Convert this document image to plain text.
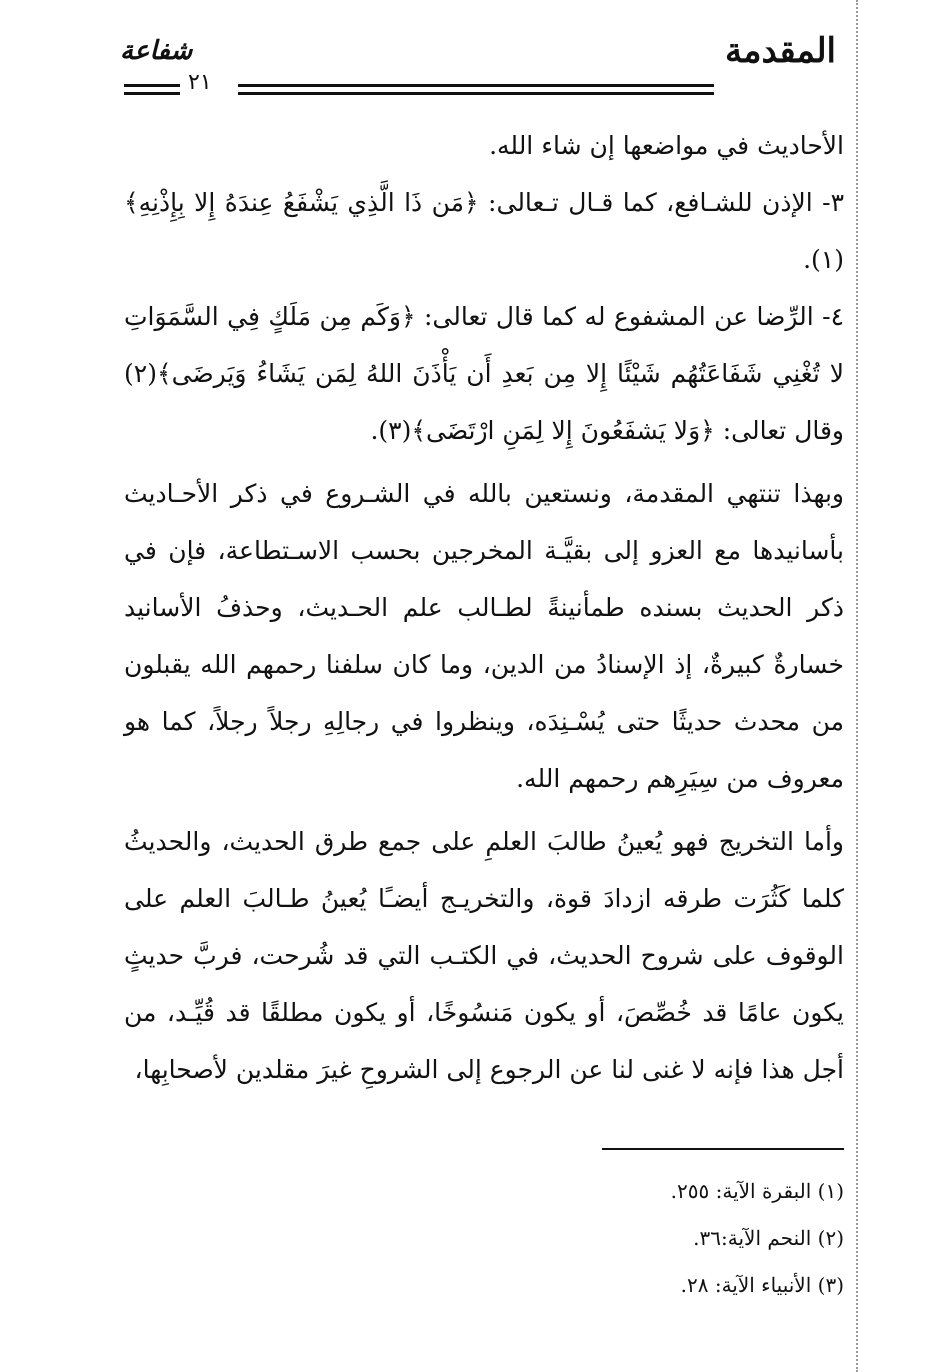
المقدمة
شفاعة
٢١

الأحاديث في مواضعها إن شاء الله.

٣- الإذن للشـافع، كما قـال تـعالى: ﴿مَن ذَا الَّذِي يَشْفَعُ عِندَهُ إِلا بِإِذْنِهِ﴾(١).

٤- الرِّضا عن المشفوع له كما قال تعالى: ﴿وَكَم مِن مَلَكٍ فِي السَّمَوَاتِ لا تُغْنِي شَفَاعَتُهُم شَيْئًا إِلا مِن بَعدِ أَن يَأْذَنَ اللهُ لِمَن يَشَاءُ وَيَرضَى﴾(٢) وقال تعالى: ﴿وَلا يَشفَعُونَ إِلا لِمَنِ ارْتَضَى﴾(٣).

وبهذا تنتهي المقدمة، ونستعين بالله في الشـروع في ذكر الأحـاديث بأسانيدها مع العزو إلى بقيَّـة المخرجين بحسب الاسـتطاعة، فإن في ذكر الحديث بسنده طمأنينةً لطـالب علم الحـديث، وحذفُ الأسانيد خسارةٌ كبيرةٌ، إذ الإسنادُ من الدين، وما كان سلفنا رحمهم الله يقبلون من محدث حديثًا حتى يُسْـنِدَه، وينظروا في رجالِهِ رجلاً رجلاً، كما هو معروف من سِيَرِهم رحمهم الله.

وأما التخريج فهو يُعينُ طالبَ العلمِ على جمع طرق الحديث، والحديثُ كلما كَثُرَت طرقه ازدادَ قوة، والتخريـج أيضـًا يُعينُ طـالبَ العلم على الوقوف على شروح الحديث، في الكتـب التي قد شُرحت، فربَّ حديثٍ يكون عامًا قد خُصِّصَ، أو يكون مَنسُوخًا، أو يكون مطلقًا قد قُيِّـد، من أجل هذا فإنه لا غنى لنا عن الرجوع إلى الشروحِ غيرَ مقلدين لأصحابِها،

(١) البقرة الآية: ٢٥٥.

(٢) النحم الآية:٣٦.

(٣) الأنبياء الآية: ٢٨.
